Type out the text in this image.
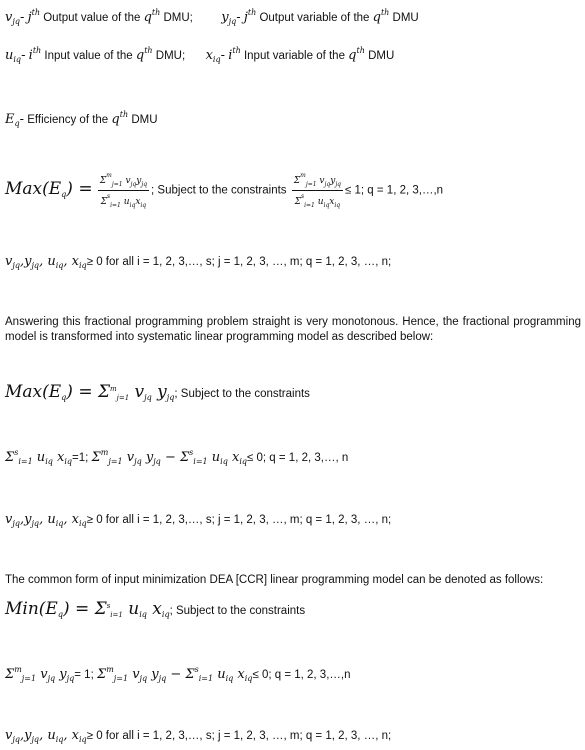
$v_{jq}-$ $j^{th}$ Output value of the $q^{th}$ DMU; $y_{jq}-$ $j^{th}$ Output variable of the $q^{th}$ DMU
$u_{iq}-$ $i^{th}$ Input value of the $q^{th}$ DMU; $x_{iq}-$ $i^{th}$ Input variable of the $q^{th}$ DMU
$E_q-$ Efficiency of the $q^{th}$ DMU
$Max(E_q) = \frac{\Sigma^m_{j=1} v_{jq}y_{jq}}{\Sigma^s_{i=1} u_{iq}x_{iq}}$ ; Subject to the constraints $\frac{\Sigma^m_{j=1} v_{jq}y_{jq}}{\Sigma^s_{i=1} u_{iq}x_{iq}} \le 1$; q = 1, 2, 3,…,n
$v_{jq},y_{jq}$, $u_{iq}$, $x_{iq}\ge 0$ for all i = 1, 2, 3,…, s; j = 1, 2, 3, …, m; q = 1, 2, 3, …, n;
Answering this fractional programming problem straight is very monotonous. Hence, the fractional programming model is transformed into systematic linear programming model as described below:
$Max(E_q) = \Sigma^m_{j=1}$ $v_{jq}$ $y_{jq}$; Subject to the constraints
$\Sigma^s_{i=1}$ $u_{iq}$ $x_{iq}=1$; $\Sigma^m_{j=1}$ $v_{jq}$ $y_{jq} - \Sigma^s_{i=1}$ $u_{iq}$ $x_{iq}\le 0$; q = 1, 2, 3,…, n
$v_{jq},y_{jq}$, $u_{iq}$, $x_{iq}\ge 0$ for all i = 1, 2, 3,…, s; j = 1, 2, 3, …, m; q = 1, 2, 3, …, n;
The common form of input minimization DEA [CCR] linear programming model can be denoted as follows:
$Min(E_q) = \Sigma^s_{i=1}$ $u_{iq}$ $x_{iq}$; Subject to the constraints
$\Sigma^m_{j=1}$ $v_{jq}$ $y_{jq}= 1$; $\Sigma^m_{j=1}$ $v_{jq}$ $y_{jq} - \Sigma^s_{i=1}$ $u_{iq}$ $x_{iq}\le 0$; q = 1, 2, 3,…,n
$v_{jq},y_{jq}$, $u_{iq}$, $x_{iq}\ge 0$ for all i = 1, 2, 3,…, s; j = 1, 2, 3, …, m; q = 1, 2, 3, …, n;
